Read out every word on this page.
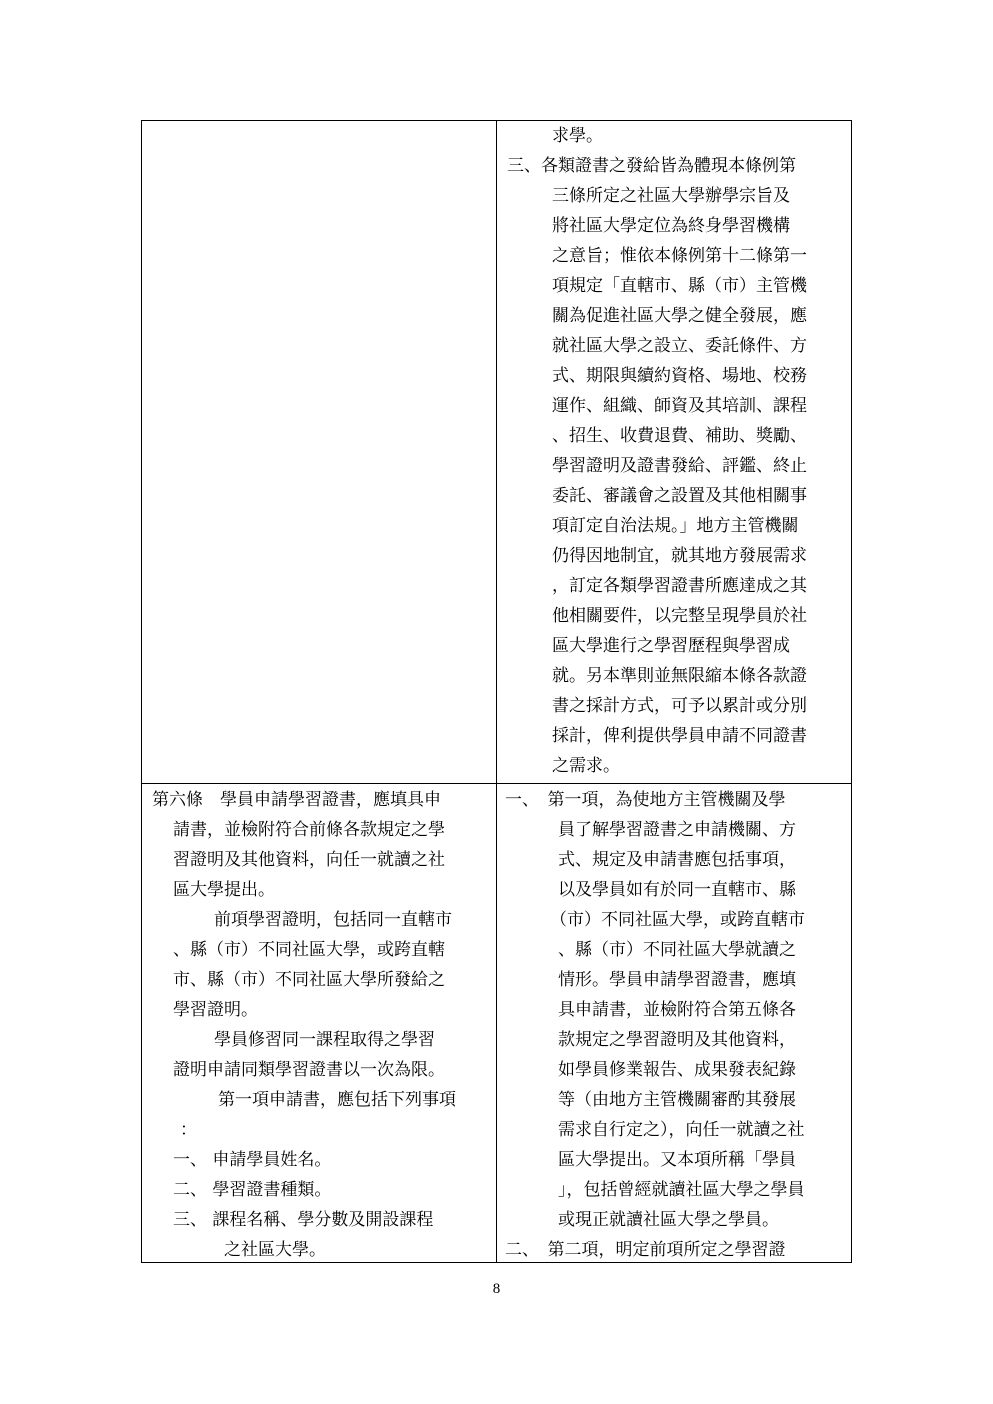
求學。
三、各類證書之發給皆為體現本條例第
三條所定之社區大學辦學宗旨及
將社區大學定位為終身學習機構
之意旨；惟依本條例第十二條第一
項規定「直轄市、縣（市）主管機
關為促進社區大學之健全發展，應
就社區大學之設立、委託條件、方
式、期限與續約資格、場地、校務
運作、組織、師資及其培訓、課程
、招生、收費退費、補助、獎勵、
學習證明及證書發給、評鑑、終止
委託、審議會之設置及其他相關事
項訂定自治法規。」地方主管機關
仍得因地制宜，就其地方發展需求
，訂定各類學習證書所應達成之其
他相關要件，以完整呈現學員於社
區大學進行之學習歷程與學習成
就。另本準則並無限縮本條各款證
書之採計方式，可予以累計或分別
採計，俾利提供學員申請不同證書
之需求。
第六條　學員申請學習證書，應填具申
請書，並檢附符合前條各款規定之學
習證明及其他資料，向任一就讀之社
區大學提出。
前項學習證明，包括同一直轄市
、縣（市）不同社區大學，或跨直轄
市、縣（市）不同社區大學所發給之
學習證明。
學員修習同一課程取得之學習
證明申請同類學習證書以一次為限。
第一項申請書，應包括下列事項
：
一、 申請學員姓名。
二、 學習證書種類。
三、 課程名稱、學分數及開設課程
之社區大學。
一、　第一項，為使地方主管機關及學
員了解學習證書之申請機關、方
式、規定及申請書應包括事項，
以及學員如有於同一直轄市、縣
（市）不同社區大學，或跨直轄市
、縣（市）不同社區大學就讀之
情形。學員申請學習證書，應填
具申請書，並檢附符合第五條各
款規定之學習證明及其他資料，
如學員修業報告、成果發表紀錄
等（由地方主管機關審酌其發展
需求自行定之），向任一就讀之社
區大學提出。又本項所稱「學員
」，包括曾經就讀社區大學之學員
或現正就讀社區大學之學員。
二、　第二項，明定前項所定之學習證
8
